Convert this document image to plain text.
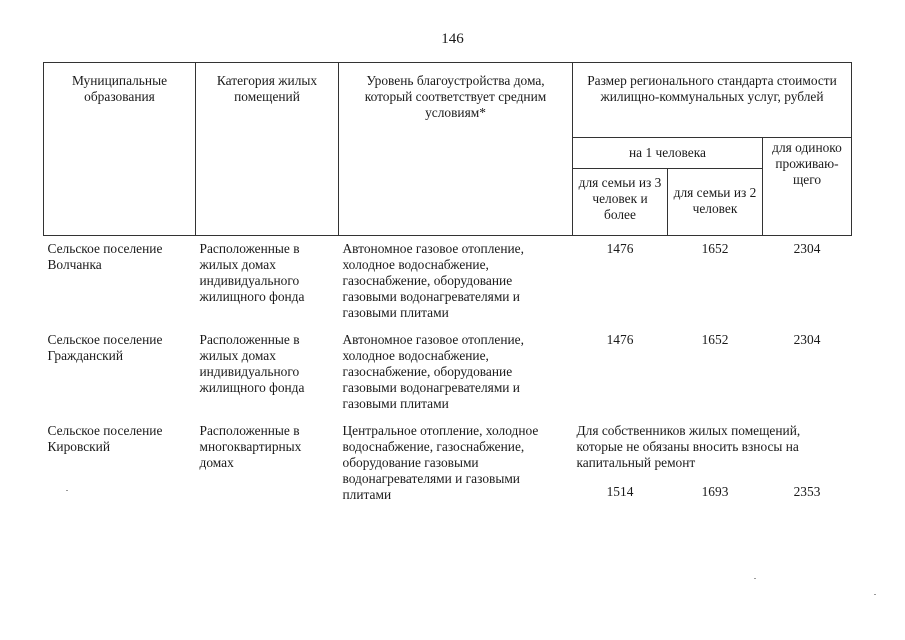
146
Муниципальные образования	Категория жилых помещений	Уровень благоустройства дома, который соответствует средним условиям*	Размер регионального стандарта стоимости жилищно-коммунальных услуг, рублей		
			на 1 человека		для одиноко проживаю-щего
			для семьи из 3 человек и более	для семьи из 2 человек	
Сельское поселение Волчанка	Расположенные в жилых домах индивидуального жилищного фонда	Автономное газовое отопление, холодное водоснабжение, газоснабжение, оборудование газовыми водонагревателями и газовыми плитами	1476	1652	2304
Сельское поселение Гражданский	Расположенные в жилых домах индивидуального жилищного фонда	Автономное газовое отопление, холодное водоснабжение, газоснабжение, оборудование газовыми водонагревателями и газовыми плитами	1476	1652	2304
Сельское поселение Кировский	Расположенные в многоквартирных домах	Центральное отопление, холодное водоснабжение, газоснабжение, оборудование газовыми водонагревателями и газовыми плитами	Для собственников жилых помещений, которые не обязаны вносить взносы на капитальный ремонт		
			1514	1693	2353
